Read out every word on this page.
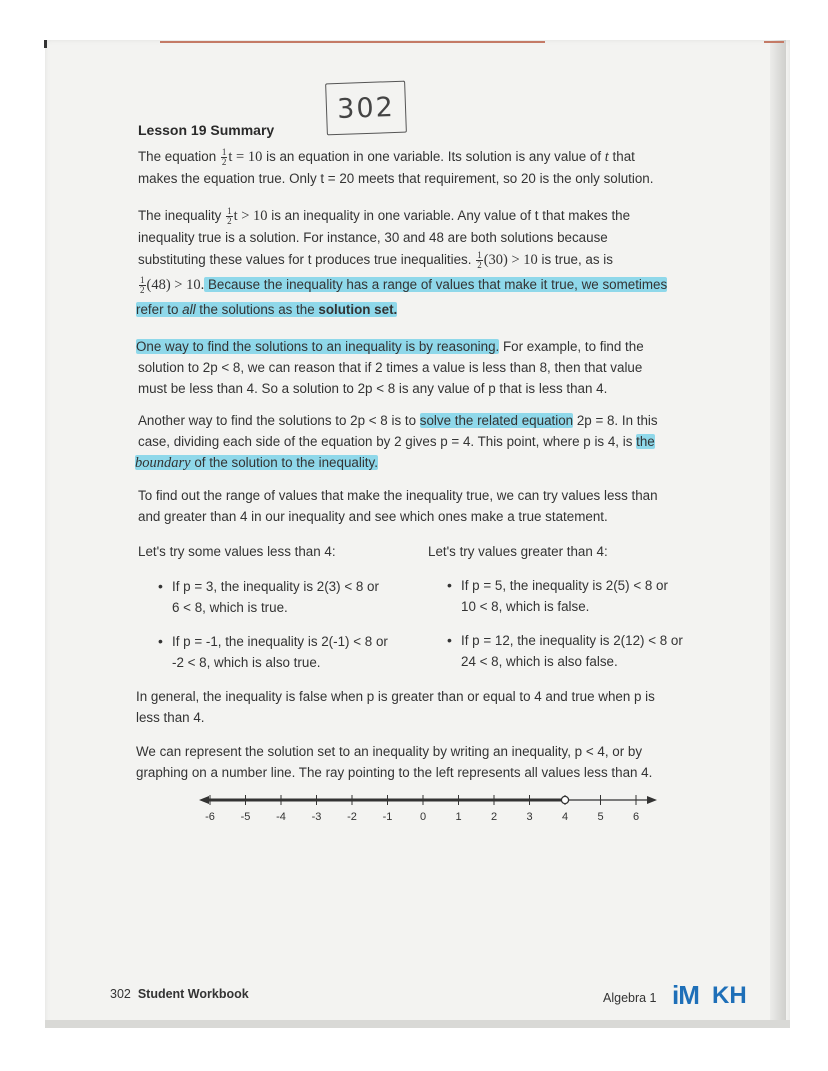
302
Lesson 19 Summary
The equation $\frac{1}{2}$ t = 10 is an equation in one variable. Its solution is any value of t that
makes the equation true. Only t = 20 meets that requirement, so 20 is the only solution.
The inequality $\frac{1}{2}$ t > 10 is an inequality in one variable. Any value of t that makes the
inequality true is a solution. For instance, 30 and 48 are both solutions because
substituting these values for t produces true inequalities. $\frac{1}{2} (30) > 10$ is true, as is
$\frac{1}{2} (48) > 10$. Because the inequality has a range of values that make it true, we sometimes
refer to all the solutions as the solution set.
One way to find the solutions to an inequality is by reasoning. For example, to find the
solution to 2p < 8, we can reason that if 2 times a value is less than 8, then that value
must be less than 4. So a solution to 2p < 8 is any value of p that is less than 4.
Another way to find the solutions to 2p < 8 is to solve the related equation 2p = 8. In this
case, dividing each side of the equation by 2 gives p = 4. This point, where p is 4, is the
boundary of the solution to the inequality.
To find out the range of values that make the inequality true, we can try values less than
and greater than 4 in our inequality and see which ones make a true statement.
Let's try some values less than 4:	Let's try values greater than 4:
• If p = 3, the inequality is 2(3) < 8 or
6 < 8, which is true.
• If p = -1, the inequality is 2(-1) < 8 or
-2 < 8, which is also true.
• If p = 5, the inequality is 2(5) < 8 or
10 < 8, which is false.
• If p = 12, the inequality is 2(12) < 8 or
24 < 8, which is also false.
In general, the inequality is false when p is greater than or equal to 4 and true when p is
less than 4.
We can represent the solution set to an inequality by writing an inequality, p < 4, or by
graphing on a number line. The ray pointing to the left represents all values less than 4.
-6 -5 -4 -3 -2 -1	0	1	2	3	4	5	6
302 Student Workbook	Algebra 1 iM KH
